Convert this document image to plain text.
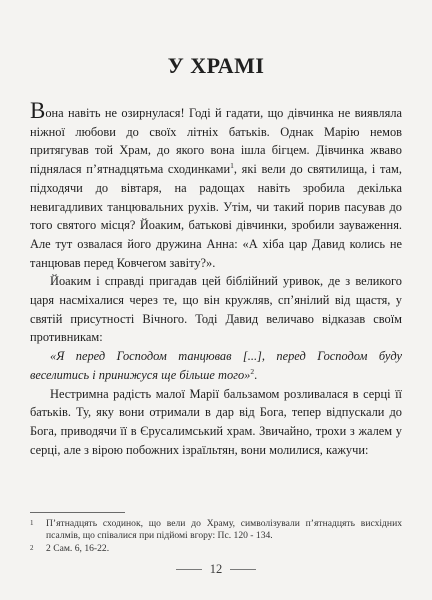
У ХРАМІ

Вона навіть не озирнулася! Годі й гадати, що дівчинка не виявляла ніжної любови до своїх літніх батьків. Однак Марію немов притягував той Храм, до якого вона ішла бігцем. Дівчинка жваво піднялася п’ятнадцятьма сходинками$^1$, які вели до святилища, і там, підходячи до вівтаря, на радощах навіть зробила декілька невигадливих танцювальних рухів. Утім, чи такий порив пасував до того святого місця? Йоаким, батькові дівчинки, зробили зауваження. Але тут озвалася його дружина Анна: «А хіба цар Давид колись не танцював перед Ковчегом завіту?».

Йоаким і справді пригадав цей біблійний уривок, де з великого царя насміхалися через те, що він кружляв, сп’янілий від щастя, у святій присутності Вічного. Тоді Давид величаво відказав своїм противникам:

«Я перед Господом танцював [...], перед Господом буду веселитись і принижуся ще більше того»$^2$.

Нестримна радість малої Марії бальзамом розливалася в серці її батьків. Ту, яку вони отримали в дар від Бога, тепер відпускали до Бога, приводячи її в Єрусалимський храм. Звичайно, трохи з жалем у серці, але з вірою побожних ізраїльтян, вони молилися, кажучи:

1	П’ятнадцять сходинок, що вели до Храму, символізували п’ятнадцять висхідних псалмів, що співалися при підйомі вгору: Пс. 120 - 134.
2	2 Сам. 6, 16-22.
12
